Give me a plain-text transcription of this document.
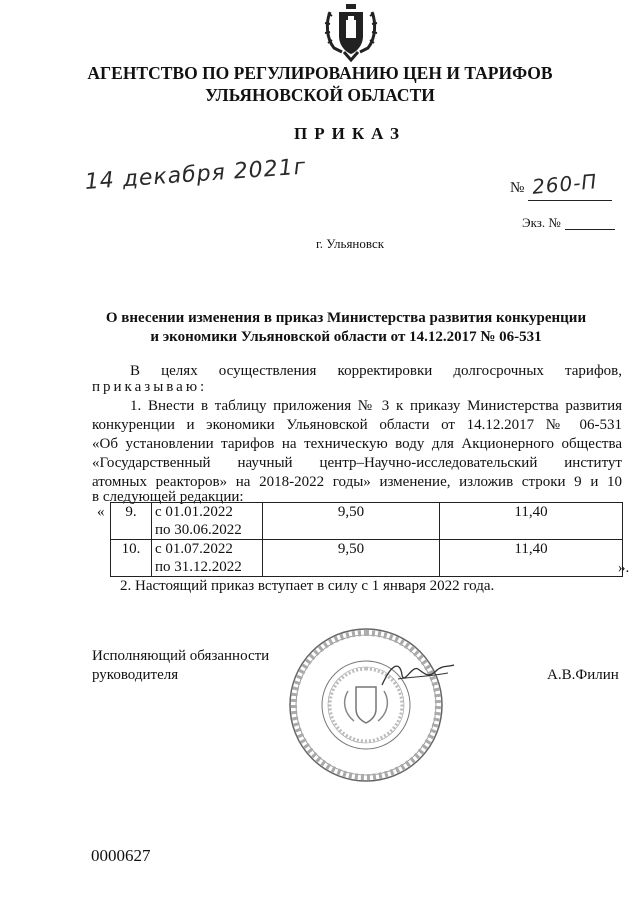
АГЕНТСТВО ПО РЕГУЛИРОВАНИЮ ЦЕН И ТАРИФОВ
УЛЬЯНОВСКОЙ ОБЛАСТИ
ПРИКАЗ
14 декабря 2021г	№ 260-П
Экз. №
г. Ульяновск
О внесении изменения в приказ Министерства развития конкуренции
и экономики Ульяновской области от 14.12.2017 № 06-531
В целях осуществления корректировки долгосрочных тарифов,
приказываю:
1. Внести в таблицу приложения № 3 к приказу Министерства развития
конкуренции и экономики Ульяновской области от 14.12.2017 № 06-531
«Об установлении тарифов на техническую воду для Акционерного общества
«Государственный научный центр–Научно-исследовательский институт
атомных реакторов» на 2018-2022 годы» изменение, изложив строки 9 и 10
в следующей редакции:
« 9.	с 01.01.2022
по 30.06.2022	9,50	11,40
10.	с 01.07.2022
по 31.12.2022	9,50	11,40
».
2. Настоящий приказ вступает в силу с 1 января 2022 года.
Исполняющий обязанности
руководителя	А.В.Филин
0000627
